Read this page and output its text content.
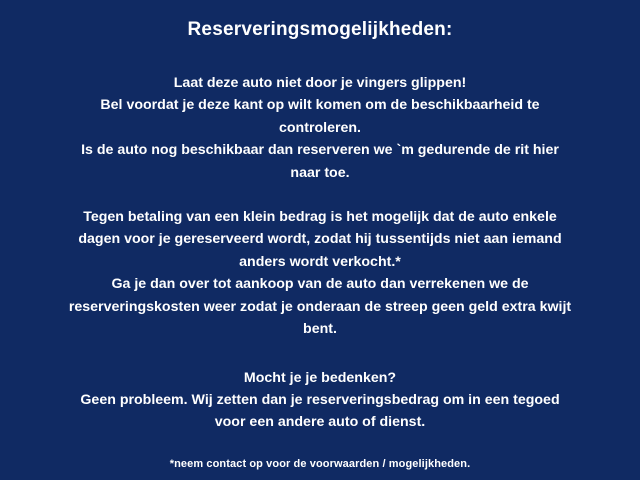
Reserveringsmogelijkheden:

Laat deze auto niet door je vingers glippen!

Bel voordat je deze kant op wilt komen om de beschikbaarheid te controleren.

Is de auto nog beschikbaar dan reserveren we `m gedurende de rit hier naar toe.

Tegen betaling van een klein bedrag is het mogelijk dat de auto enkele dagen voor je gereserveerd wordt, zodat hij tussentijds niet aan iemand anders wordt verkocht.*

Ga je dan over tot aankoop van de auto dan verrekenen we de reserveringskosten weer zodat je onderaan de streep geen geld extra kwijt bent.

Mocht je je bedenken?

Geen probleem. Wij zetten dan je reserveringsbedrag om in een tegoed voor een andere auto of dienst.

*neem contact op voor de voorwaarden / mogelijkheden.
